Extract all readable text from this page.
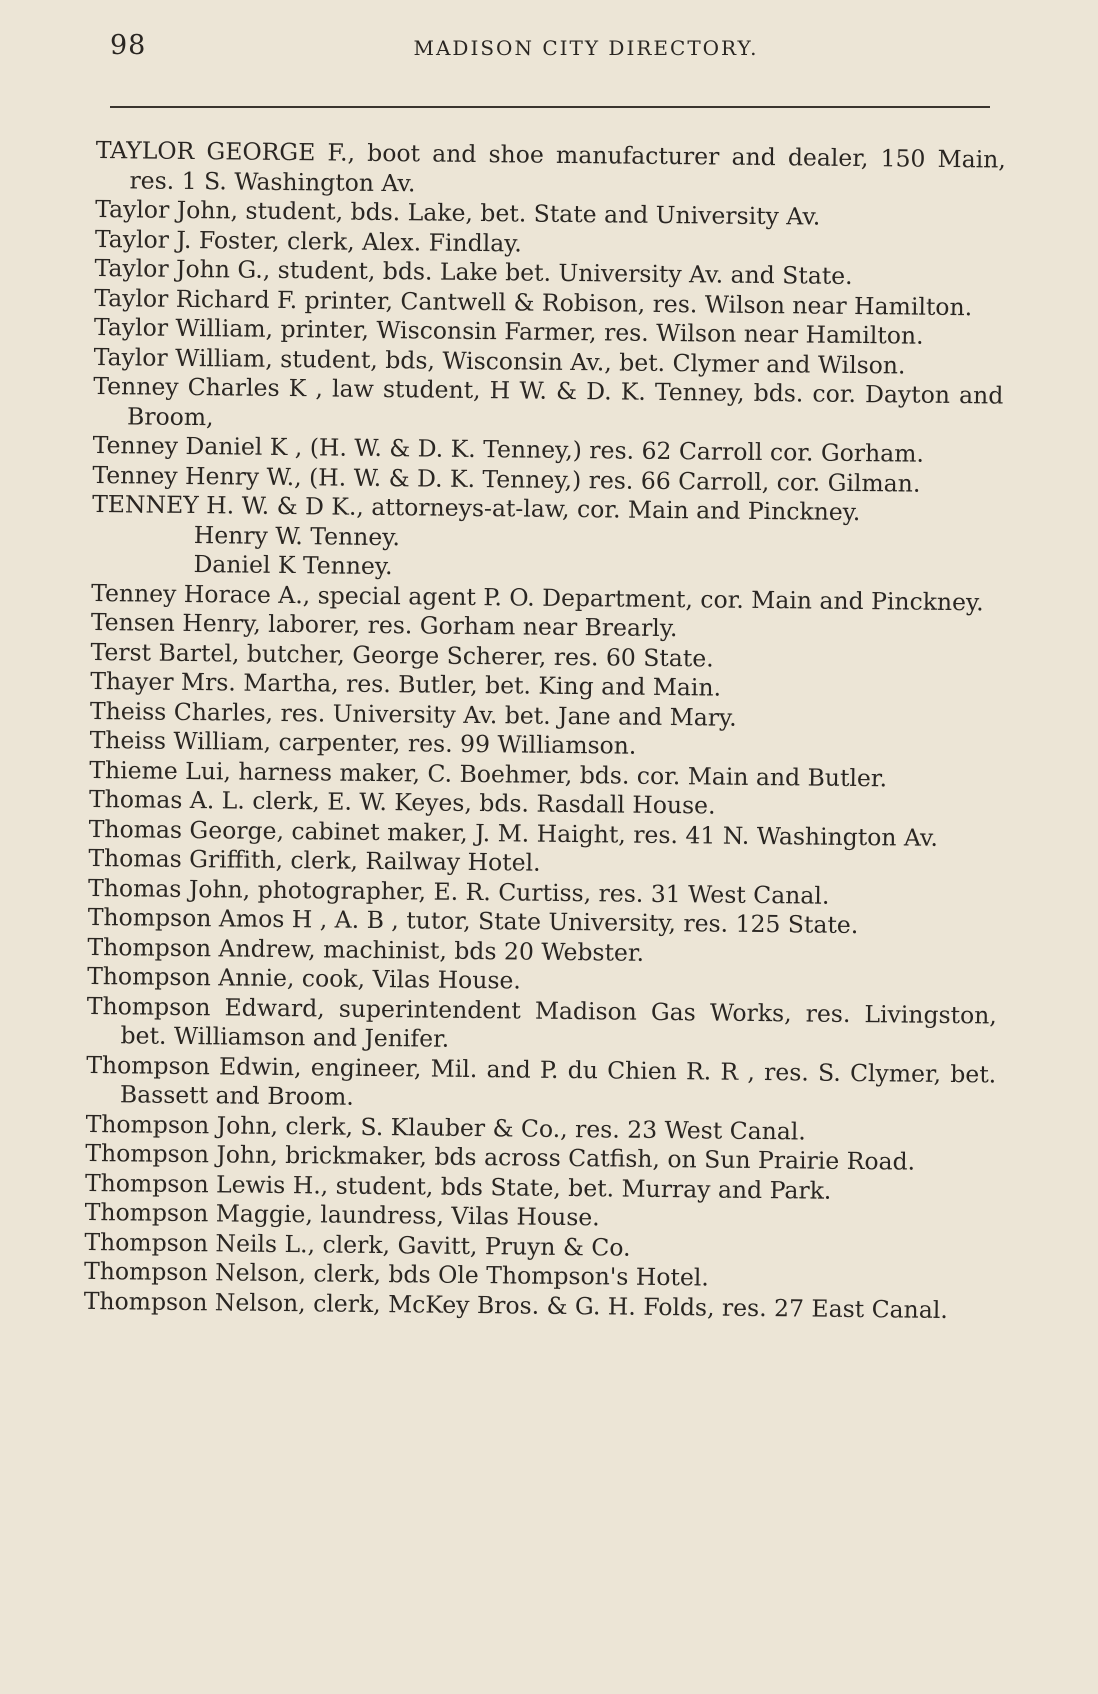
98	MADISON CITY DIRECTORY.

TAYLOR GEORGE F., boot and shoe manufacturer and dealer, 150 Main, res. 1 S. Washington Av.

Taylor John, student, bds. Lake, bet. State and University Av.

Taylor J. Foster, clerk, Alex. Findlay.

Taylor John G., student, bds. Lake bet. University Av. and State.

Taylor Richard F. printer, Cantwell & Robison, res. Wilson near Hamilton.

Taylor William, printer, Wisconsin Farmer, res. Wilson near Hamilton.

Taylor William, student, bds, Wisconsin Av., bet. Clymer and Wilson.

Tenney Charles K , law student, H W. & D. K. Tenney, bds. cor. Dayton and Broom,

Tenney Daniel K , (H. W. & D. K. Tenney,) res. 62 Carroll cor. Gorham.

Tenney Henry W., (H. W. & D. K. Tenney,) res. 66 Carroll, cor. Gilman.

TENNEY H. W. & D K., attorneys-at-law, cor. Main and Pinckney.

Henry W. Tenney.

Daniel K Tenney.

Tenney Horace A., special agent P. O. Department, cor. Main and Pinckney.

Tensen Henry, laborer, res. Gorham near Brearly.

Terst Bartel, butcher, George Scherer, res. 60 State.

Thayer Mrs. Martha, res. Butler, bet. King and Main.

Theiss Charles, res. University Av. bet. Jane and Mary.

Theiss William, carpenter, res. 99 Williamson.

Thieme Lui, harness maker, C. Boehmer, bds. cor. Main and Butler.

Thomas A. L. clerk, E. W. Keyes, bds. Rasdall House.

Thomas George, cabinet maker, J. M. Haight, res. 41 N. Washington Av.

Thomas Griffith, clerk, Railway Hotel.

Thomas John, photographer, E. R. Curtiss, res. 31 West Canal.

Thompson Amos H , A. B , tutor, State University, res. 125 State.

Thompson Andrew, machinist, bds 20 Webster.

Thompson Annie, cook, Vilas House.

Thompson Edward, superintendent Madison Gas Works, res. Livingston, bet. Williamson and Jenifer.

Thompson Edwin, engineer, Mil. and P. du Chien R. R , res. S. Clymer, bet. Bassett and Broom.

Thompson John, clerk, S. Klauber & Co., res. 23 West Canal.

Thompson John, brickmaker, bds across Catfish, on Sun Prairie Road.

Thompson Lewis H., student, bds State, bet. Murray and Park.

Thompson Maggie, laundress, Vilas House.

Thompson Neils L., clerk, Gavitt, Pruyn & Co.

Thompson Nelson, clerk, bds Ole Thompson's Hotel.

Thompson Nelson, clerk, McKey Bros. & G. H. Folds, res. 27 East Canal.
